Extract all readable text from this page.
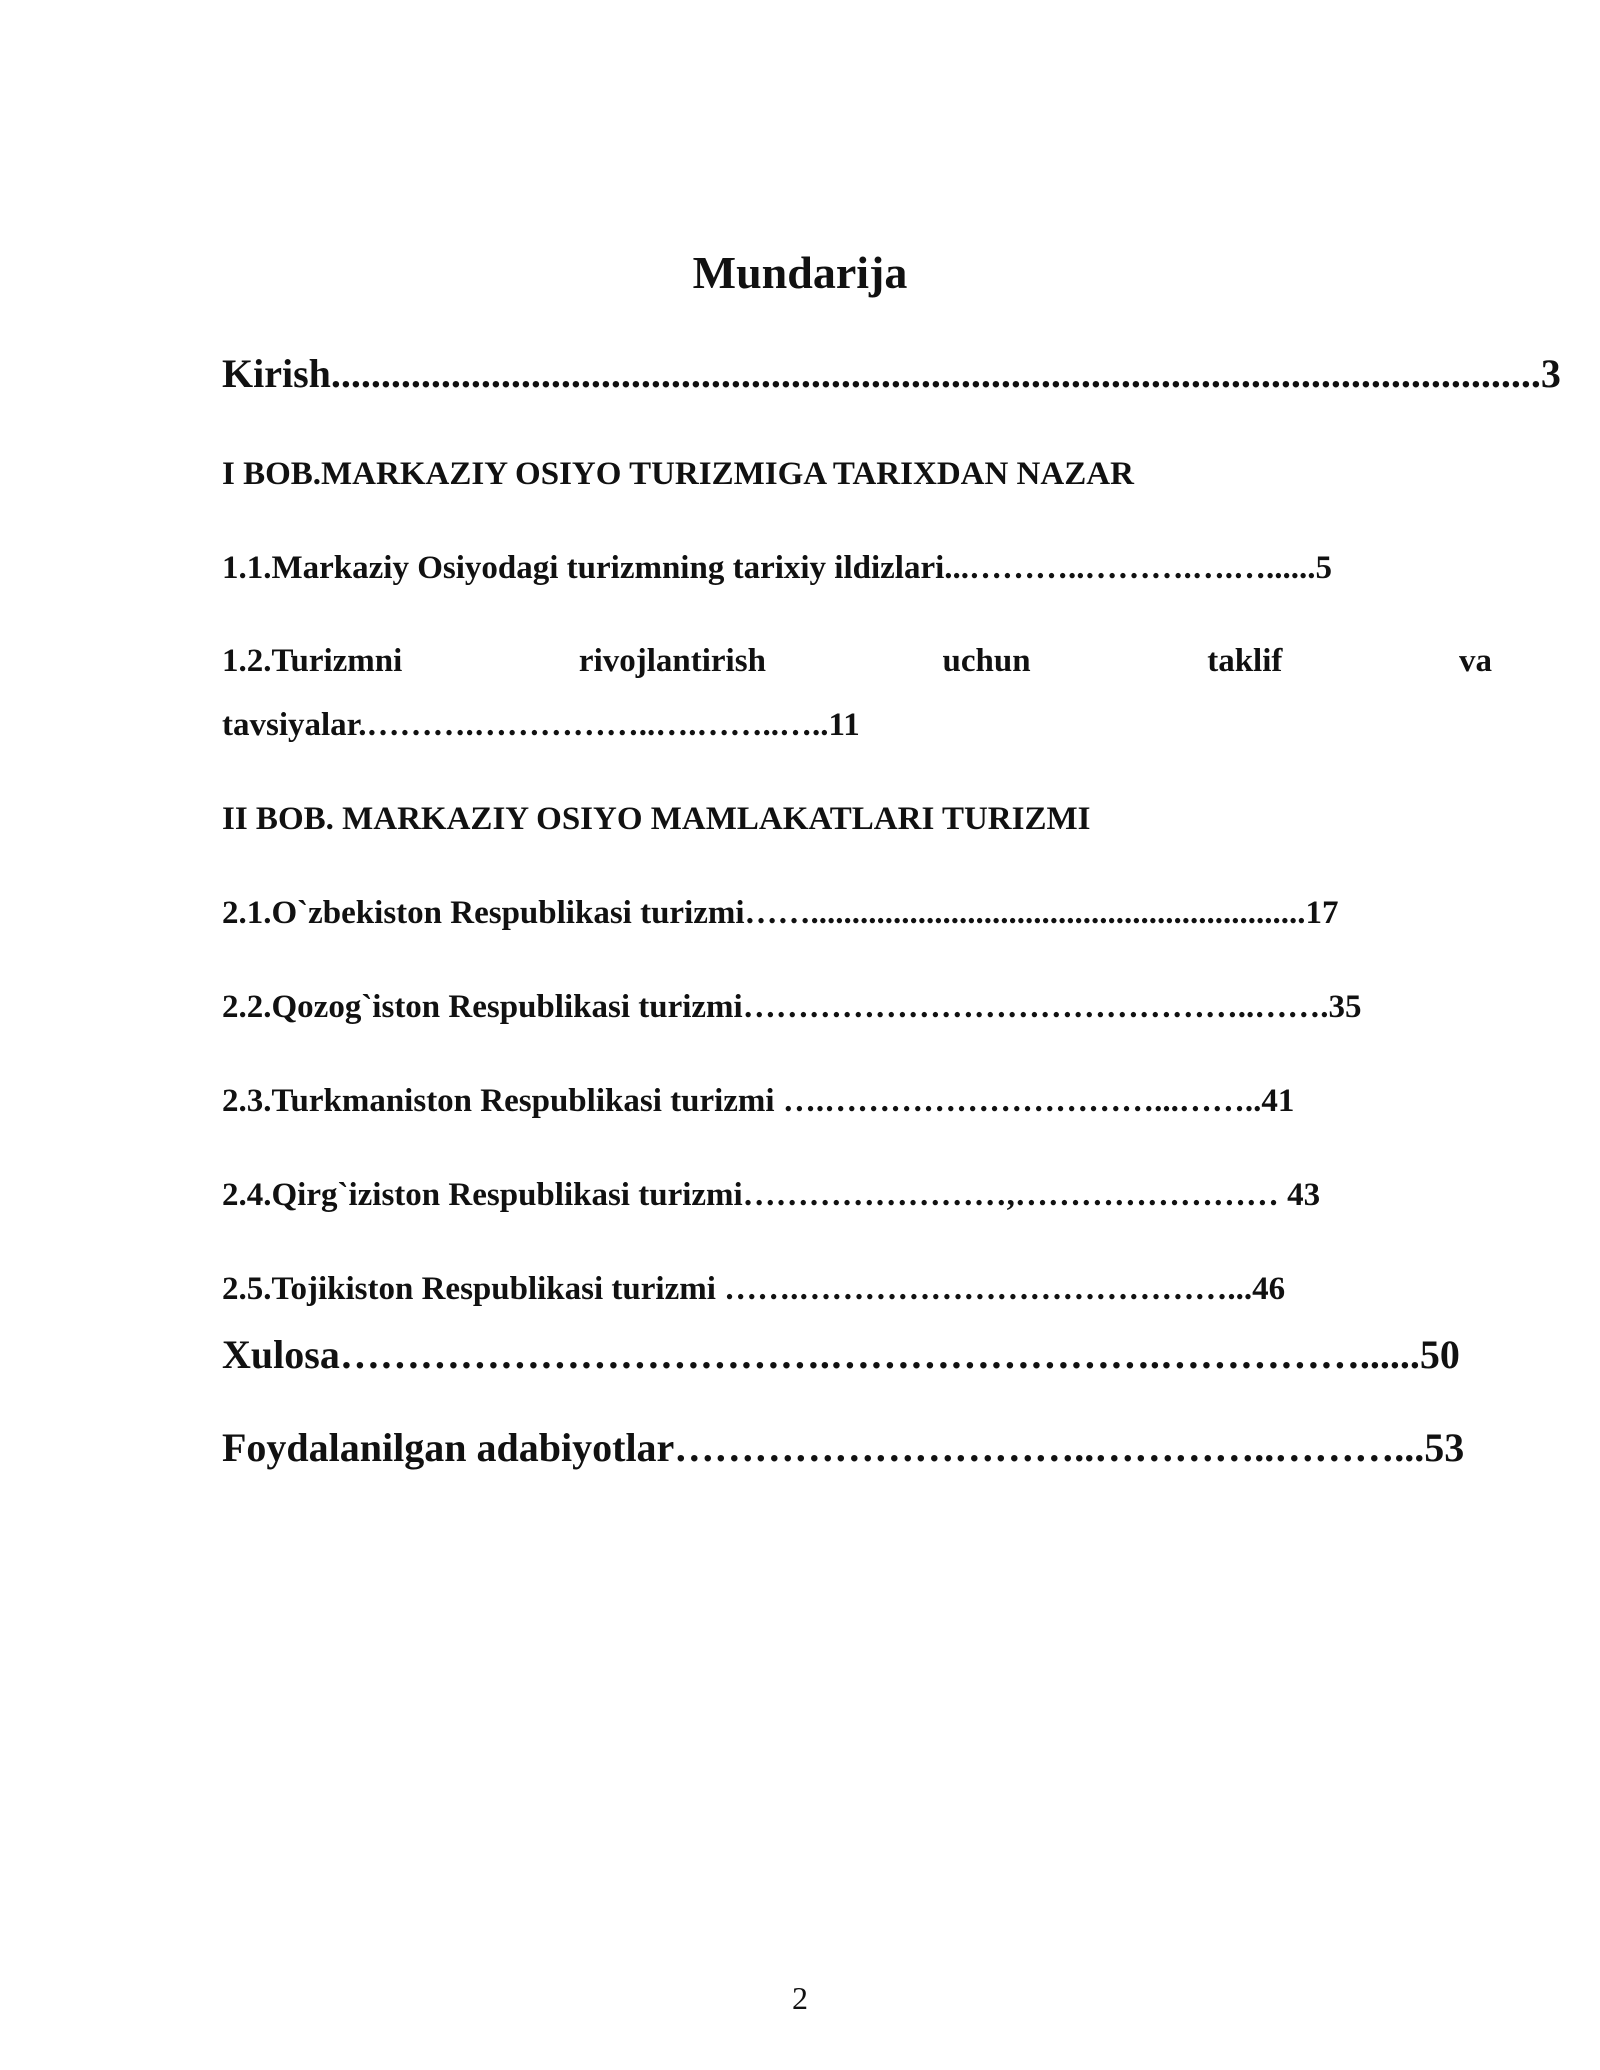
Mundarija
Kirish.........................................................................................................................3
I BOB.MARKAZIY OSIYO TURIZMIGA TARIXDAN NAZAR
1.1.Markaziy Osiyodagi turizmning tarixiy ildizlari...………..……….….…......5
1.2.Turizmni	rivojlantirish	uchun	taklif	va
tavsiyalar.……….……………..….……..…..11
II BOB. MARKAZIY OSIYO MAMLAKATLARI TURIZMI
2.1.O`zbekiston Respublikasi turizmi……............................................................17
2.2.Qozog`iston Respublikasi turizmi………………………………………..…….35
2.3.Turkmaniston Respublikasi turizmi ….…………………………...……..41
2.4.Qirg`iziston Respublikasi turizmi……………………,…………………… 43
2.5.Tojikiston Respublikasi turizmi …….…………………………………...46
Xulosa……………………………….…………………….……………......50
Foydalanilgan adabiyotlar…………………………..…………..………...53
2
